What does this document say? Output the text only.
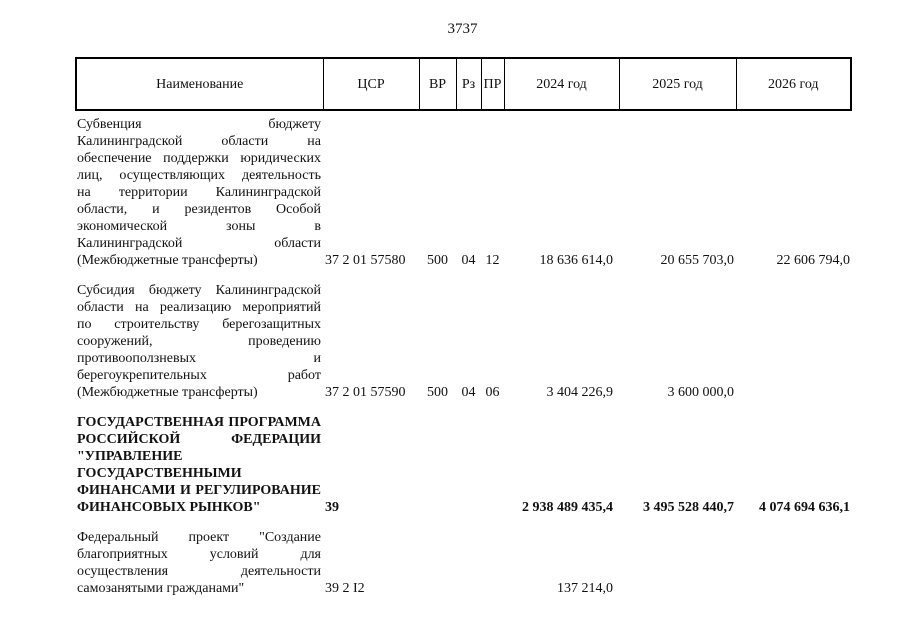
3737
Наименование	ЦСР	ВР	Рз	ПР	2024 год	2025 год	2026 год

Субвенция бюджету
Калининградской области на
обеспечение поддержки юридических
лиц, осуществляющих деятельность
на территории Калининградской
области, и резидентов Особой
экономической зоны в
Калининградской области
(Межбюджетные трансферты)	37 2 01 57580	500	04	12	18 636 614,0	20 655 703,0	22 606 794,0

Субсидия бюджету Калининградской
области на реализацию мероприятий
по строительству берегозащитных
сооружений, проведению
противооползневых и
берегоукрепительных работ
(Межбюджетные трансферты)	37 2 01 57590	500	04	06	3 404 226,9	3 600 000,0	

ГОСУДАРСТВЕННАЯ ПРОГРАММА
РОССИЙСКОЙ ФЕДЕРАЦИИ
"УПРАВЛЕНИЕ
ГОСУДАРСТВЕННЫМИ
ФИНАНСАМИ И РЕГУЛИРОВАНИЕ
ФИНАНСОВЫХ РЫНКОВ"	39				2 938 489 435,4	3 495 528 440,7	4 074 694 636,1

Федеральный проект "Создание
благоприятных условий для
осуществления деятельности
самозанятыми гражданами"	39 2 I2				137 214,0		
